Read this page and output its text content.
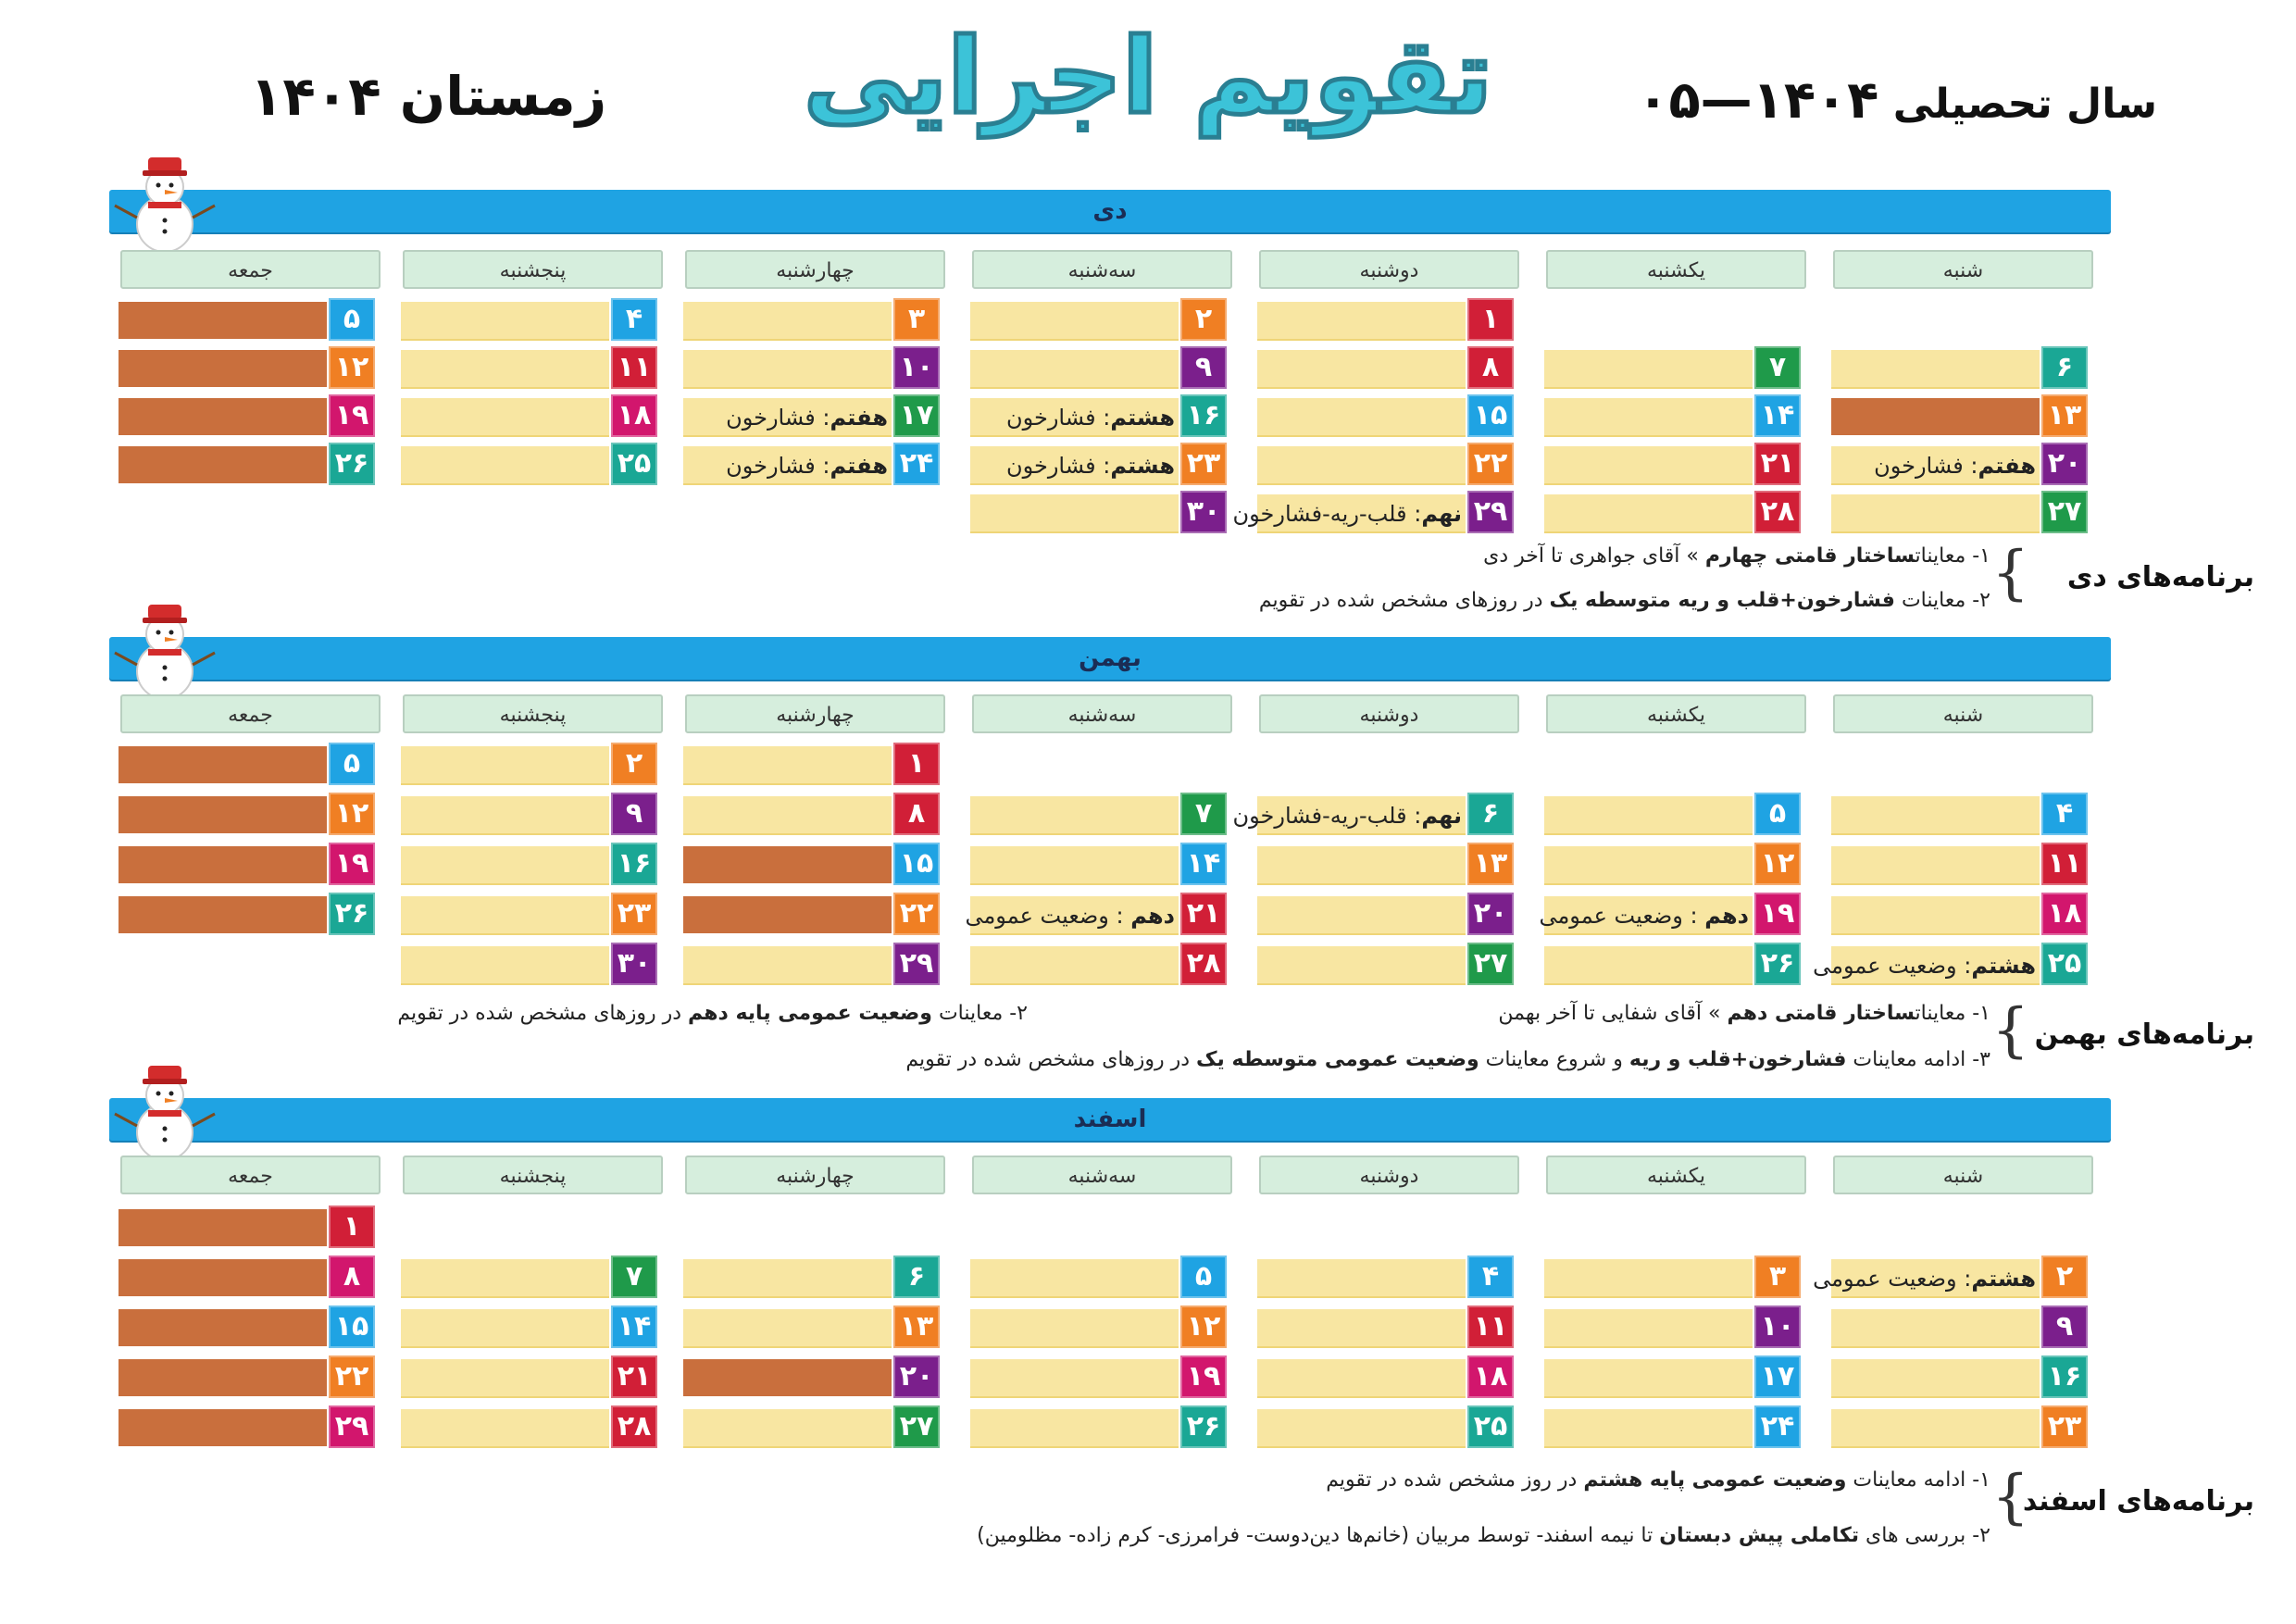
تقویم اجرایی
زمستان ۱۴۰۴	سال تحصیلی ۱۴۰۴—۰۵
دی
شنبه
یکشنبه
دوشنبه
سه‌شنبه
چهارشنبه
پنجشنبه
جمعه
۱
۲
۳
۴
۵
۶
۷
۸
۹
۱۰
۱۱
۱۲
۱۳
۱۴
۱۵
۱۶
هشتم: فشارخون
۱۷
هفتم: فشارخون
۱۸
۱۹
۲۰
هفتم: فشارخون
۲۱
۲۲
۲۳
هشتم: فشارخون
۲۴
هفتم: فشارخون
۲۵
۲۶
۲۷
۲۸
۲۹
نهم: قلب-ریه-فشارخون
۳۰
برنامه‌های دی
{
۱- معایناتساختار قامتی چهارم » آقای جواهری تا آخر دی
۲- معاینات فشارخون+قلب و ریه متوسطه یک در روزهای مشخص شده در تقویم
بهمن
شنبه
یکشنبه
دوشنبه
سه‌شنبه
چهارشنبه
پنجشنبه
جمعه
۱
۲
۵
۴
۵
۶
نهم: قلب-ریه-فشارخون
۷
۸
۹
۱۲
۱۱
۱۲
۱۳
۱۴
۱۵
۱۶
۱۹
۱۸
۱۹
دهم : وضعیت عمومی
۲۰
۲۱
دهم : وضعیت عمومی
۲۲
۲۳
۲۶
۲۵
هشتم: وضعیت عمومی
۲۶
۲۷
۲۸
۲۹
۳۰
برنامه‌های بهمن
{
۱- معایناتساختار قامتی دهم » آقای شفایی تا آخر بهمن
۲- معاینات وضعیت عمومی پایه دهم در روزهای مشخص شده در تقویم
۳- ادامه معاینات فشارخون+قلب و ریه و شروع معاینات وضعیت عمومی متوسطه یک در روزهای مشخص شده در تقویم
اسفند
شنبه
یکشنبه
دوشنبه
سه‌شنبه
چهارشنبه
پنجشنبه
جمعه
۱
۲
هشتم: وضعیت عمومی
۳
۴
۵
۶
۷
۸
۹
۱۰
۱۱
۱۲
۱۳
۱۴
۱۵
۱۶
۱۷
۱۸
۱۹
۲۰
۲۱
۲۲
۲۳
۲۴
۲۵
۲۶
۲۷
۲۸
۲۹
برنامه‌های اسفند
{
۱- ادامه معاینات وضعیت عمومی پایه هشتم در روز مشخص شده در تقویم
۲- بررسی های تکاملی پیش دبستان تا نیمه اسفند- توسط مربیان (خانم‌ها دین‌دوست- فرامرزی- کرم زاده- مظلومین)
